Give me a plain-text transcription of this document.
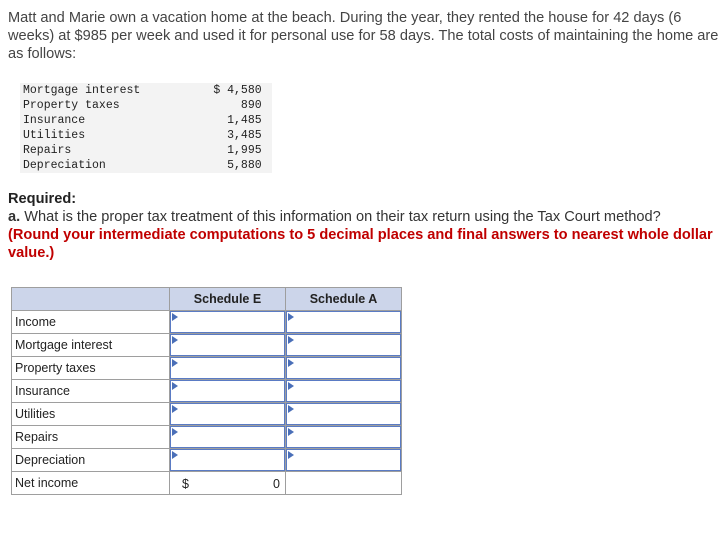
Matt and Marie own a vacation home at the beach. During the year, they rented the house for 42 days (6 weeks) at $985 per week and used it for personal use for 58 days. The total costs of maintaining the home are as follows:
Mortgage interest	$ 4,580
Property taxes	890
Insurance	1,485
Utilities	3,485
Repairs	1,995
Depreciation	5,880
Required:
a. What is the proper tax treatment of this information on their tax return using the Tax Court method?
(Round your intermediate computations to 5 decimal places and final answers to nearest whole dollar value.)
	Schedule E	Schedule A
Income	

Mortgage interest	

Property taxes	

Insurance	

Utilities	

Repairs	

Depreciation	

Net income	$ 0	
